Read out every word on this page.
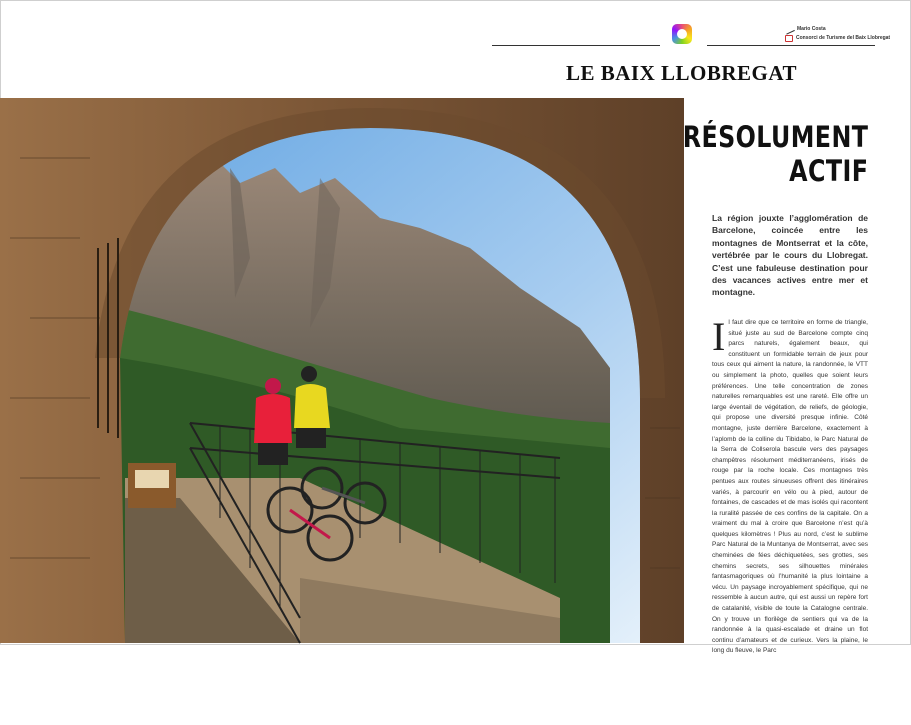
Mario Costa
Consorci de Turisme del Baix Llobregat
LE BAIX LLOBREGAT
Mirador au pied de la Montagne de Montserrat, à Collbató
RÉSOLUMENT
ACTIF
La région jouxte l’agglomération de Barcelone, coincée entre les montagnes de Montserrat et la côte, vertébrée par le cours du Llobregat. C’est une fabuleuse destination pour des vacances actives entre mer et montagne.
Il faut dire que ce territoire en forme de triangle, situé juste au sud de Barcelone compte cinq parcs naturels, également beaux, qui constituent un formidable terrain de jeux pour tous ceux qui aiment la nature, la randonnée, le VTT ou simplement la photo, quelles que soient leurs préférences. Une telle concentration de zones naturelles remarquables est une rareté. Elle offre un large éventail de végétation, de reliefs, de géologie, qui propose une diversité presque infinie. Côté montagne, juste derrière Barcelone, exactement à l’aplomb de la colline du Tibidabo, le Parc Natural de la Serra de Collserola bascule vers des paysages champêtres résolument méditerranéens, irisés de rouge par la roche locale. Ces montagnes très pentues aux routes sinueuses offrent des itinéraires variés, à parcourir en vélo ou à pied, autour de fontaines, de cascades et de mas isolés qui racontent la ruralité passée de ces confins de la capitale. On a vraiment du mal à croire que Barcelone n’est qu’à quelques kilomètres ! Plus au nord, c’est le sublime Parc Natural de la Muntanya de Montserrat, avec ses cheminées de fées déchiquetées, ses grottes, ses chemins secrets, ses silhouettes minérales fantasmagoriques où l’humanité la plus lointaine a vécu. Un paysage incroyablement spécifique, qui ne ressemble à aucun autre, qui est aussi un repère fort de catalanité, visible de toute la Catalogne centrale. On y trouve un florilège de sentiers qui va de la randonnée à la quasi-escalade et draine un flot continu d’amateurs et de curieux. Vers la plaine, le long du fleuve, le Parc
